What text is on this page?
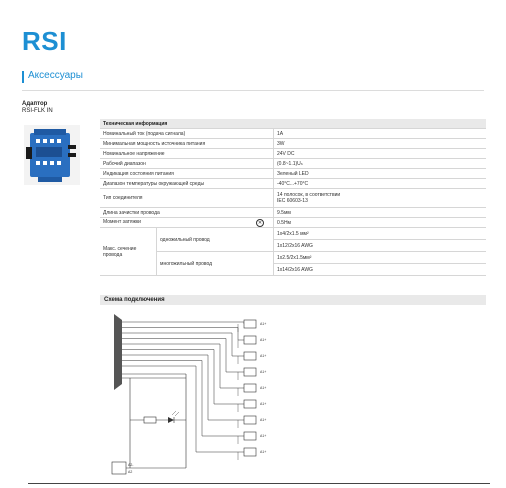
RSI
Аксессуары
Адаптор
RSI-FLK IN
Техническая информация		
Номинальный ток (подача сигнала)		1A
Минимальная мощность источника питания		3W
Номинальное напряжение		24V DC
Рабочий диапазон		(0.8~1.1)Uₙ
Индикация состояния питания		Зеленый LED
Диапазон температуры окружающей среды		-40°C...+70°C
Тип соединителя		14 полосок, в соответствии
IEC 60603-13
Длина зачистки провода		9.5мм
Момент затяжки ✕		0.5Нм
Макс. сечение провода	одножильный провод	1x4/2x1.5 мм²
		1x12/2x16 AWG
	многожильный провод	1x2.5/2x1.5мм²
		1x14/2x16 AWG
Схема подключения
A2-
A2
A1+
A1+
A1+
A1+
A1+
A1+
A1+
A1+
A1+
